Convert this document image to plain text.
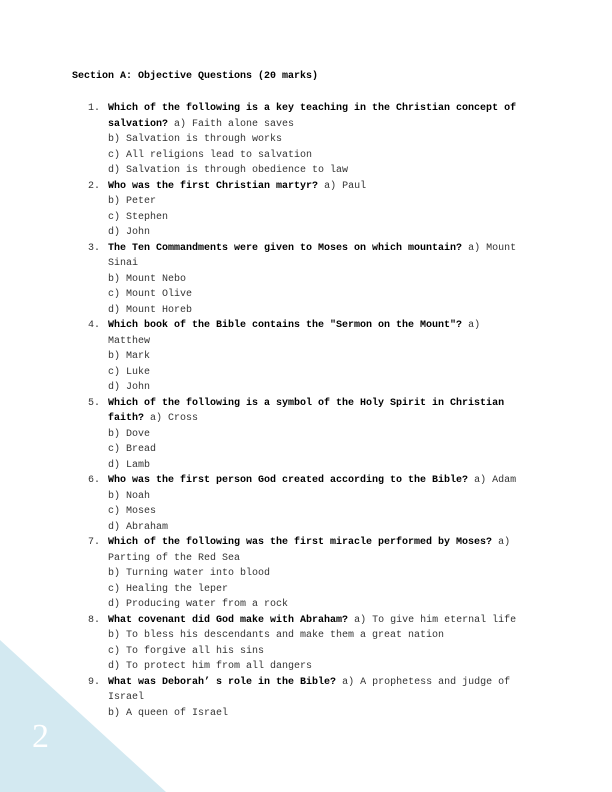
2
Section A: Objective Questions (20 marks)
1. Which of the following is a key teaching in the Christian concept of salvation? a) Faith alone saves
b) Salvation is through works
c) All religions lead to salvation
d) Salvation is through obedience to law
2. Who was the first Christian martyr? a) Paul
b) Peter
c) Stephen
d) John
3. The Ten Commandments were given to Moses on which mountain? a) Mount Sinai
b) Mount Nebo
c) Mount Olive
d) Mount Horeb
4. Which book of the Bible contains the "Sermon on the Mount"? a) Matthew
b) Mark
c) Luke
d) John
5. Which of the following is a symbol of the Holy Spirit in Christian faith? a) Cross
b) Dove
c) Bread
d) Lamb
6. Who was the first person God created according to the Bible? a) Adam
b) Noah
c) Moses
d) Abraham
7. Which of the following was the first miracle performed by Moses? a) Parting of the Red Sea
b) Turning water into blood
c) Healing the leper
d) Producing water from a rock
8. What covenant did God make with Abraham? a) To give him eternal life
b) To bless his descendants and make them a great nation
c) To forgive all his sins
d) To protect him from all dangers
9. What was Deborah’ s role in the Bible? a) A prophetess and judge of Israel
b) A queen of Israel
